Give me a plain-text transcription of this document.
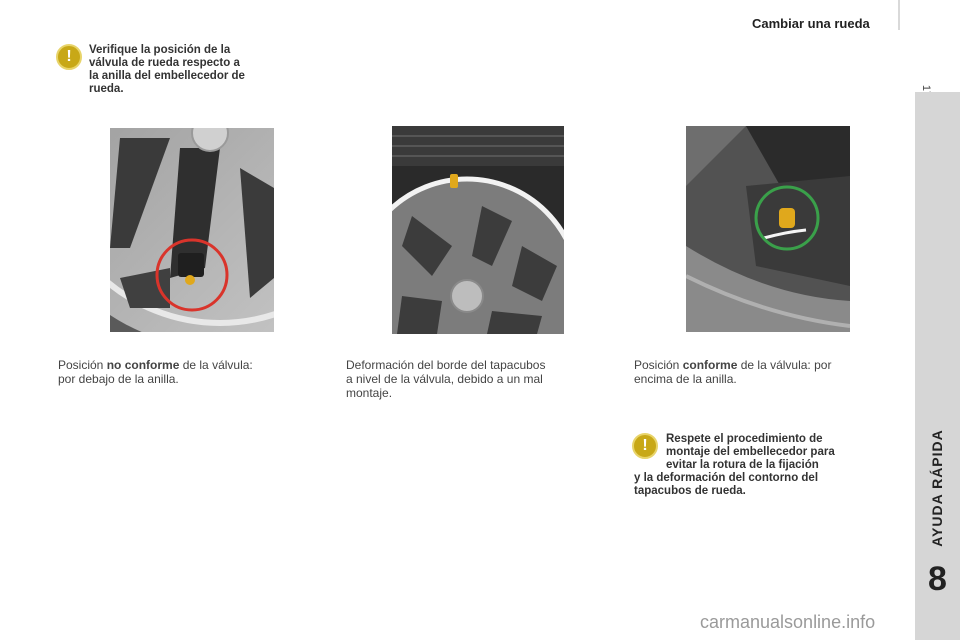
Cambiar una rueda
AYUDA RÁPIDA
8
!	Verifique la posición de la
válvula de rueda respecto a
la anilla del embellecedor de
rueda.
Posición no conforme de la válvula:
por debajo de la anilla.
Deformación del borde del tapacubos
a nivel de la válvula, debido a un mal
montaje.
Posición conforme de la válvula: por
encima de la anilla.
!	Respete el procedimiento de
montaje del embellecedor para
evitar la rotura de la fijación
y la deformación del contorno del
tapacubos de rueda.
carmanualsonline.info
